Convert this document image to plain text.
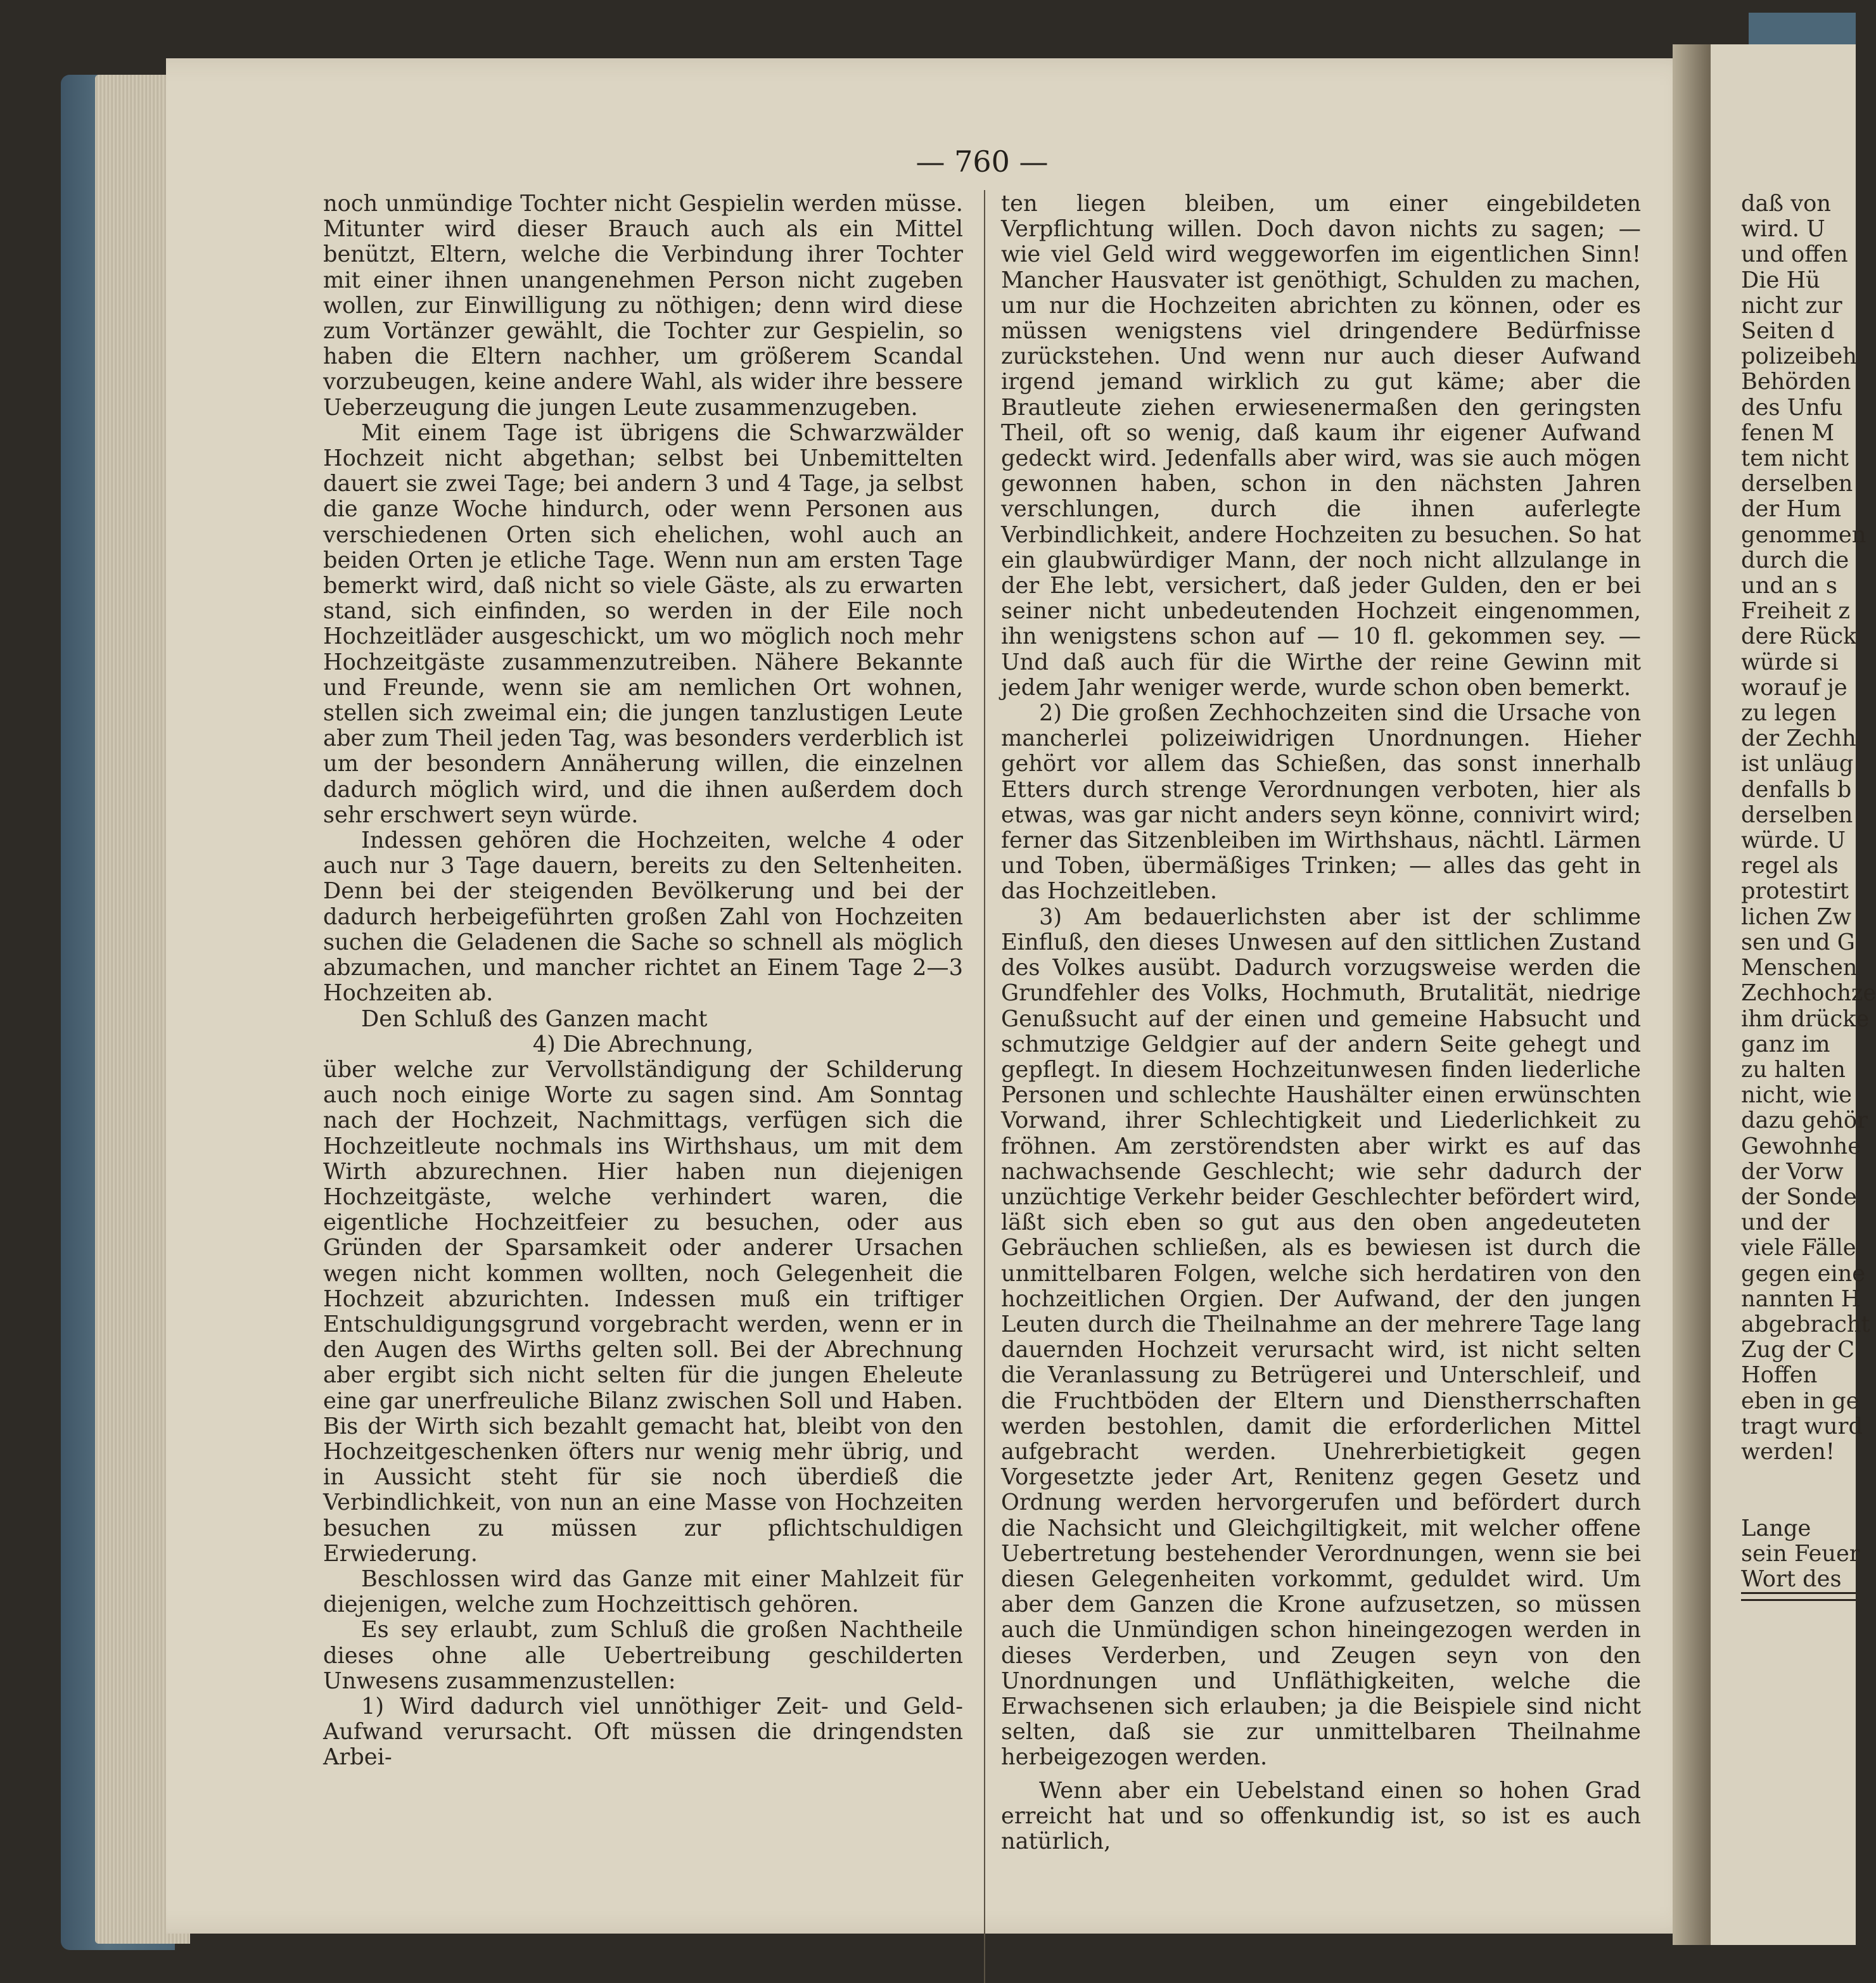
— 760 —

noch unmündige Tochter nicht Gespielin werden müsse. Mitunter wird dieser Brauch auch als ein Mittel benützt, Eltern, welche die Verbindung ihrer Tochter mit einer ihnen unangenehmen Person nicht zugeben wollen, zur Einwilligung zu nöthigen; denn wird diese zum Vortänzer gewählt, die Tochter zur Gespielin, so haben die Eltern nachher, um größerem Scandal vorzubeugen, keine andere Wahl, als wider ihre bessere Ueberzeugung die jungen Leute zusammenzugeben.

Mit einem Tage ist übrigens die Schwarzwälder Hochzeit nicht abgethan; selbst bei Unbemittelten dauert sie zwei Tage; bei andern 3 und 4 Tage, ja selbst die ganze Woche hindurch, oder wenn Personen aus verschiedenen Orten sich ehelichen, wohl auch an beiden Orten je etliche Tage. Wenn nun am ersten Tage bemerkt wird, daß nicht so viele Gäste, als zu erwarten stand, sich einfinden, so werden in der Eile noch Hochzeitläder ausgeschickt, um wo möglich noch mehr Hochzeitgäste zusammenzutreiben. Nähere Bekannte und Freunde, wenn sie am nemlichen Ort wohnen, stellen sich zweimal ein; die jungen tanzlustigen Leute aber zum Theil jeden Tag, was besonders verderblich ist um der besondern Annäherung willen, die einzelnen dadurch möglich wird, und die ihnen außerdem doch sehr erschwert seyn würde.

Indessen gehören die Hochzeiten, welche 4 oder auch nur 3 Tage dauern, bereits zu den Seltenheiten. Denn bei der steigenden Bevölkerung und bei der dadurch herbeigeführten großen Zahl von Hochzeiten suchen die Geladenen die Sache so schnell als möglich abzumachen, und mancher richtet an Einem Tage 2—3 Hochzeiten ab.

Den Schluß des Ganzen macht

4) Die Abrechnung,

über welche zur Vervollständigung der Schilderung auch noch einige Worte zu sagen sind. Am Sonntag nach der Hochzeit, Nachmittags, verfügen sich die Hochzeitleute nochmals ins Wirthshaus, um mit dem Wirth abzurechnen. Hier haben nun diejenigen Hochzeitgäste, welche verhindert waren, die eigentliche Hochzeitfeier zu besuchen, oder aus Gründen der Sparsamkeit oder anderer Ursachen wegen nicht kommen wollten, noch Gelegenheit die Hochzeit abzurichten. Indessen muß ein triftiger Entschuldigungsgrund vorgebracht werden, wenn er in den Augen des Wirths gelten soll. Bei der Abrechnung aber ergibt sich nicht selten für die jungen Eheleute eine gar unerfreuliche Bilanz zwischen Soll und Haben. Bis der Wirth sich bezahlt gemacht hat, bleibt von den Hochzeitgeschenken öfters nur wenig mehr übrig, und in Aussicht steht für sie noch überdieß die Verbindlichkeit, von nun an eine Masse von Hochzeiten besuchen zu müssen zur pflichtschuldigen Erwiederung.

Beschlossen wird das Ganze mit einer Mahlzeit für diejenigen, welche zum Hochzeittisch gehören.

Es sey erlaubt, zum Schluß die großen Nachtheile dieses ohne alle Uebertreibung geschilderten Unwesens zusammenzustellen:

1) Wird dadurch viel unnöthiger Zeit- und Geld-Aufwand verursacht. Oft müssen die dringendsten Arbei-

ten liegen bleiben, um einer eingebildeten Verpflichtung willen. Doch davon nichts zu sagen; — wie viel Geld wird weggeworfen im eigentlichen Sinn! Mancher Hausvater ist genöthigt, Schulden zu machen, um nur die Hochzeiten abrichten zu können, oder es müssen wenigstens viel dringendere Bedürfnisse zurückstehen. Und wenn nur auch dieser Aufwand irgend jemand wirklich zu gut käme; aber die Brautleute ziehen erwiesenermaßen den geringsten Theil, oft so wenig, daß kaum ihr eigener Aufwand gedeckt wird. Jedenfalls aber wird, was sie auch mögen gewonnen haben, schon in den nächsten Jahren verschlungen, durch die ihnen auferlegte Verbindlichkeit, andere Hochzeiten zu besuchen. So hat ein glaubwürdiger Mann, der noch nicht allzulange in der Ehe lebt, versichert, daß jeder Gulden, den er bei seiner nicht unbedeutenden Hochzeit eingenommen, ihn wenigstens schon auf — 10 fl. gekommen sey. — Und daß auch für die Wirthe der reine Gewinn mit jedem Jahr weniger werde, wurde schon oben bemerkt.

2) Die großen Zechhochzeiten sind die Ursache von mancherlei polizeiwidrigen Unordnungen. Hieher gehört vor allem das Schießen, das sonst innerhalb Etters durch strenge Verordnungen verboten, hier als etwas, was gar nicht anders seyn könne, connivirt wird; ferner das Sitzenbleiben im Wirthshaus, nächtl. Lärmen und Toben, übermäßiges Trinken; — alles das geht in das Hochzeitleben.

3) Am bedauerlichsten aber ist der schlimme Einfluß, den dieses Unwesen auf den sittlichen Zustand des Volkes ausübt. Dadurch vorzugsweise werden die Grundfehler des Volks, Hochmuth, Brutalität, niedrige Genußsucht auf der einen und gemeine Habsucht und schmutzige Geldgier auf der andern Seite gehegt und gepflegt. In diesem Hochzeitunwesen finden liederliche Personen und schlechte Haushälter einen erwünschten Vorwand, ihrer Schlechtigkeit und Liederlichkeit zu fröhnen. Am zerstörendsten aber wirkt es auf das nachwachsende Geschlecht; wie sehr dadurch der unzüchtige Verkehr beider Geschlechter befördert wird, läßt sich eben so gut aus den oben angedeuteten Gebräuchen schließen, als es bewiesen ist durch die unmittelbaren Folgen, welche sich herdatiren von den hochzeitlichen Orgien. Der Aufwand, der den jungen Leuten durch die Theilnahme an der mehrere Tage lang dauernden Hochzeit verursacht wird, ist nicht selten die Veranlassung zu Betrügerei und Unterschleif, und die Fruchtböden der Eltern und Dienstherrschaften werden bestohlen, damit die erforderlichen Mittel aufgebracht werden. Unehrerbietigkeit gegen Vorgesetzte jeder Art, Renitenz gegen Gesetz und Ordnung werden hervorgerufen und befördert durch die Nachsicht und Gleichgiltigkeit, mit welcher offene Uebertretung bestehender Verordnungen, wenn sie bei diesen Gelegenheiten vorkommt, geduldet wird. Um aber dem Ganzen die Krone aufzusetzen, so müssen auch die Unmündigen schon hineingezogen werden in dieses Verderben, und Zeugen seyn von den Unordnungen und Unfläthigkeiten, welche die Erwachsenen sich erlauben; ja die Beispiele sind nicht selten, daß sie zur unmittelbaren Theilnahme herbeigezogen werden.

Wenn aber ein Uebelstand einen so hohen Grad erreicht hat und so offenkundig ist, so ist es auch natürlich,

daß von
wird. U
und offen
Die Hü
nicht zur
Seiten d
polizeibeh
Behörden
des Unfu
fenen M
tem nicht
derselben
der Hum
genommen
durch die
und an s
Freiheit z
dere Rück
würde si
worauf je
zu legen
der Zechh
ist unläug
denfalls b
derselben
würde. U
regel als
protestirt
lichen Zw
sen und G
Menschen
Zechhochze
ihm drücke
ganz im
zu halten
nicht, wie
dazu gehör
Gewohnhe
der Vorw
der Sonde
und der
viele Fälle
gegen eine
nannten H
abgebracht
Zug der C
Hoffen
eben in ge
tragt wurd
werden!

Lange
sein Feuer
Wort des
